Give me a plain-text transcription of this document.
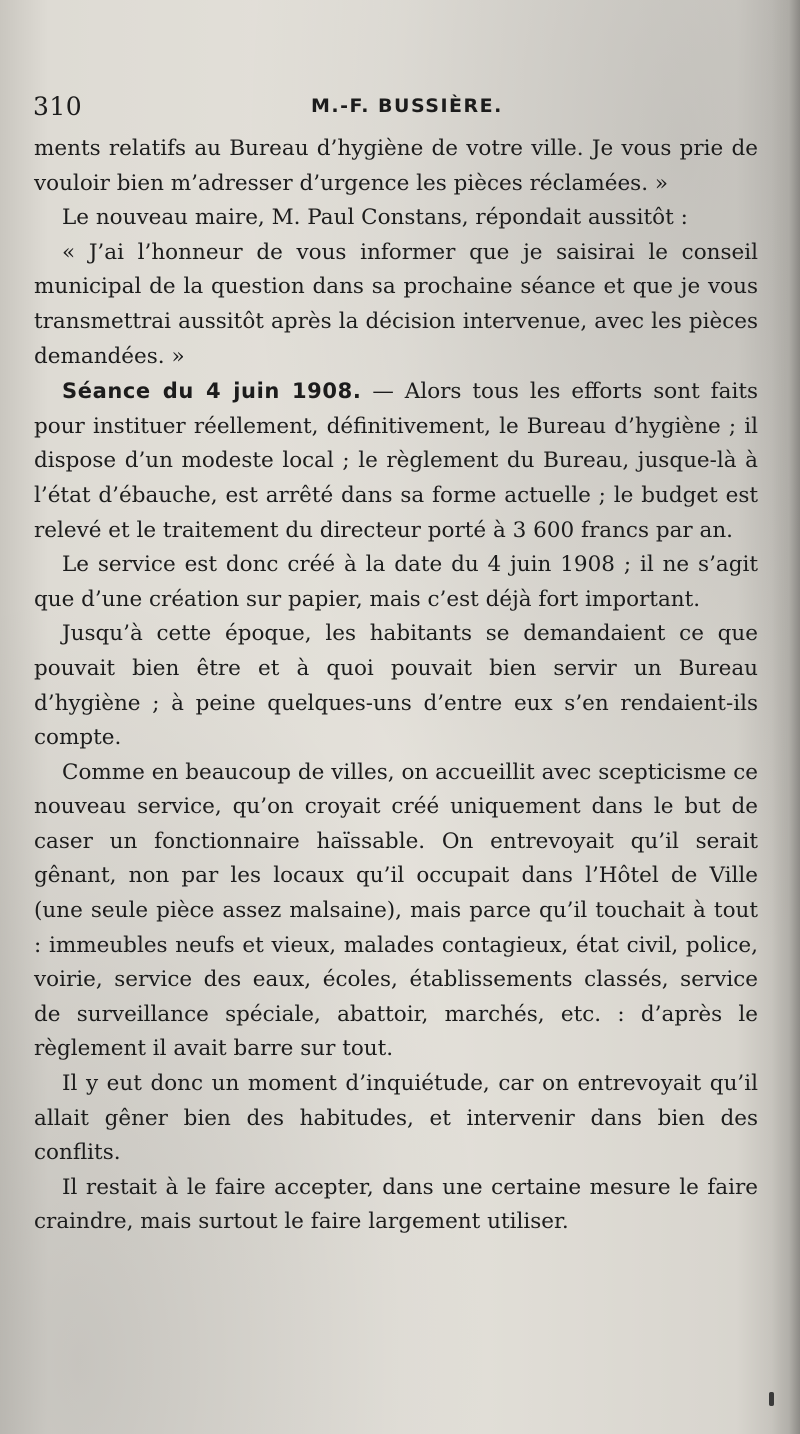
310	M.-F. BUSSIÈRE.

ments relatifs au Bureau d’hygiène de votre ville. Je vous prie de vouloir bien m’adresser d’urgence les pièces réclamées. »

Le nouveau maire, M. Paul Constans, répondait aussitôt :

« J’ai l’honneur de vous informer que je saisirai le conseil municipal de la question dans sa prochaine séance et que je vous transmettrai aussitôt après la décision intervenue, avec les pièces demandées. »

Séance du 4 juin 1908. — Alors tous les efforts sont faits pour instituer réellement, définitivement, le Bureau d’hygiène ; il dispose d’un modeste local ; le règlement du Bureau, jusque-là à l’état d’ébauche, est arrêté dans sa forme actuelle ; le budget est relevé et le traitement du directeur porté à 3 600 francs par an.

Le service est donc créé à la date du 4 juin 1908 ; il ne s’agit que d’une création sur papier, mais c’est déjà fort important.

Jusqu’à cette époque, les habitants se demandaient ce que pouvait bien être et à quoi pouvait bien servir un Bureau d’hygiène ; à peine quelques-uns d’entre eux s’en rendaient-ils compte.

Comme en beaucoup de villes, on accueillit avec scepticisme ce nouveau service, qu’on croyait créé uniquement dans le but de caser un fonctionnaire haïssable. On entrevoyait qu’il serait gênant, non par les locaux qu’il occupait dans l’Hôtel de Ville (une seule pièce assez malsaine), mais parce qu’il touchait à tout : immeubles neufs et vieux, malades contagieux, état civil, police, voirie, service des eaux, écoles, établissements classés, service de surveillance spéciale, abattoir, marchés, etc. : d’après le règlement il avait barre sur tout.

Il y eut donc un moment d’inquiétude, car on entrevoyait qu’il allait gêner bien des habitudes, et intervenir dans bien des conflits.

Il restait à le faire accepter, dans une certaine mesure le faire craindre, mais surtout le faire largement utiliser.
